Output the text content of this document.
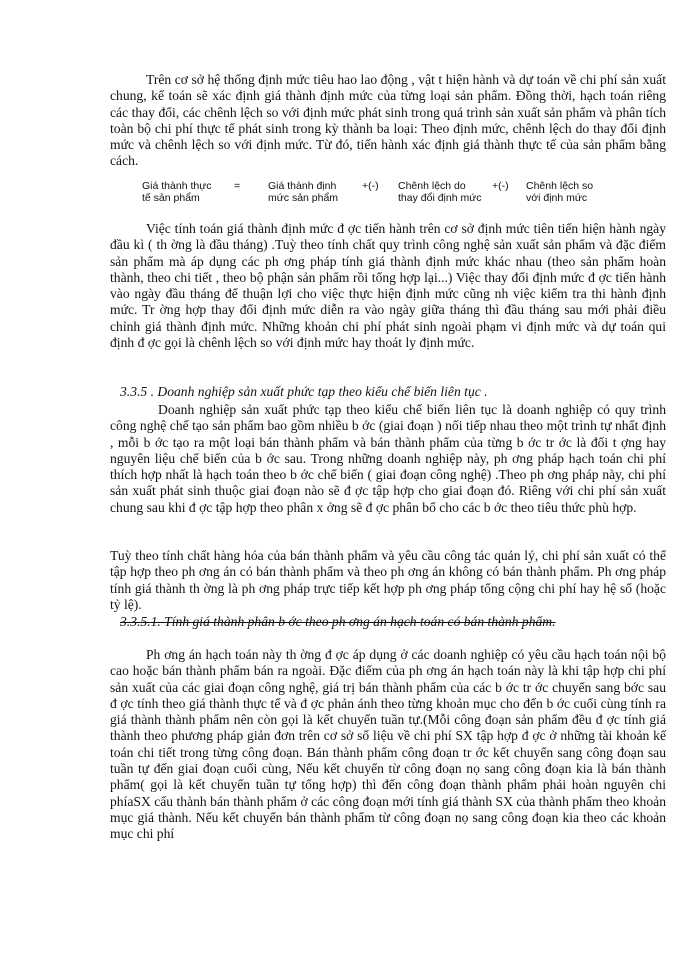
Trên cơ sở hệ thống định mức tiêu hao lao động , vật t hiện hành và dự toán về chi phí sản xuất chung, kế toán sẽ xác định giá thành định mức của từng loại sản phẩm. Đồng thời, hạch toán riêng các thay đổi, các chênh lệch so với định mức phát sinh trong quá trình sản xuất sản phẩm và phân tích toàn bộ chi phí thực tế phát sinh trong kỳ thành ba loại: Theo định mức, chênh lệch do thay đổi định mức và chênh lệch so với định mức. Từ đó, tiến hành xác định giá thành thực tế của sản phẩm bằng cách.

Giá thành thực
tế sản phẩm
=	Giá thành định
mức sản phẩm
+(-) Chênh lệch do
thay đổi định mức
+(-) Chênh lệch so
với định mức

Việc tính toán giá thành định mức đ ợc tiến hành trên cơ sở định mức tiên tiến hiện hành ngày đầu kì ( th ờng là đầu tháng) .Tuỳ theo tính chất quy trình công nghệ sản xuất sản phẩm và đặc điểm sản phẩm mà áp dụng các ph ơng pháp tính giá thành định mức khác nhau (theo sản phẩm hoàn thành, theo chi tiết , theo bộ phận sản phẩm rồi tổng hợp lại...) Việc thay đổi định mức đ ợc tiến hành vào ngày đầu tháng để thuận lợi cho việc thực hiện định mức cũng nh việc kiểm tra thi hành định mức. Tr ờng hợp thay đổi định mức diễn ra vào ngày giữa tháng thì đầu tháng sau mới phải điều chỉnh giá thành định mức. Những khoản chi phí phát sinh ngoài phạm vi định mức và dự toán qui định đ ợc gọi là chênh lệch so với định mức hay thoát ly định mức.

3.3.5 . Doanh nghiệp sản xuất phức tạp theo kiểu chế biến liên tục .

Doanh nghiệp sản xuất phức tạp theo kiểu chế biến liên tục là doanh nghiệp có quy trình công nghệ chế tạo sản phẩm bao gồm nhiều b ớc (giai đoạn ) nối tiếp nhau theo một trình tự nhất định , mỗi b ớc tạo ra một loại bán thành phẩm và bán thành phẩm của từng b ớc tr ớc là đối t ợng hay nguyên liệu chế biến của b ớc sau. Trong những doanh nghiệp này, ph ơng pháp hạch toán chi phí thích hợp nhất là hạch toán theo b ớc chế biến ( giai đoạn công nghệ) .Theo ph ơng pháp này, chi phí sản xuất phát sinh thuộc giai đoạn nào sẽ đ ợc tập hợp cho giai đoạn đó. Riêng với chi phí sản xuất chung sau khi đ ợc tập hợp theo phân x ởng sẽ đ ợc phân bổ cho các b ớc theo tiêu thức phù hợp.

Tuỳ theo tính chất hàng hóa của bán thành phẩm và yêu cầu công tác quản lý, chi phí sản xuất có thể tập hợp theo ph ơng án có bán thành phẩm và theo ph ơng án không có bán thành phẩm. Ph ơng pháp tính giá thành th ờng là ph ơng pháp trực tiếp kết hợp ph ơng pháp tổng cộng chi phí hay hệ số (hoặc tỷ lệ).

3.3.5.1. Tính giá thành phân b ớc theo ph ơng án hạch toán có bán thành phẩm.

Ph ơng án hạch toán này th ờng đ ợc áp dụng ở các doanh nghiệp có yêu cầu hạch toán nội bộ cao hoặc bán thành phẩm bán ra ngoài. Đặc điểm của ph ơng án hạch toán này là khi tập hợp chi phí sản xuất của các giai đoạn công nghệ, giá trị bán thành phẩm của các b ớc tr ớc chuyển sang bớc sau đ ợc tính theo giá thành thực tế và đ ợc phản ánh theo từng khoản mục cho đến b ớc cuối cùng tính ra giá thành thành phẩm nên còn gọi là kết chuyển tuần tự.(Mỗi công đoạn sản phẩm đều đ ợc tính giá thành theo phương pháp giản đơn trên cơ sở số liệu về chi phí SX tập hợp đ ợc ở những tài khoản kế toán chi tiết trong từng công đoạn. Bán thành phẩm công đoạn tr ớc kết chuyển sang công đoạn sau tuần tự đến giai đoạn cuối cùng, Nếu kết chuyển từ công đoạn nọ sang công đoạn kia là bán thành phẩm( gọi là kết chuyển tuần tự tổng hợp) thì đến công đoạn thành phẩm phải hoàn nguyên chi phíaSX cấu thành bán thành phẩm ở các công đoạn mới tính giá thành SX của thành phẩm theo khoản mục giá thành. Nếu kết chuyển bán thành phẩm từ công đoạn nọ sang công đoạn kia theo các khoản mục chi phí
